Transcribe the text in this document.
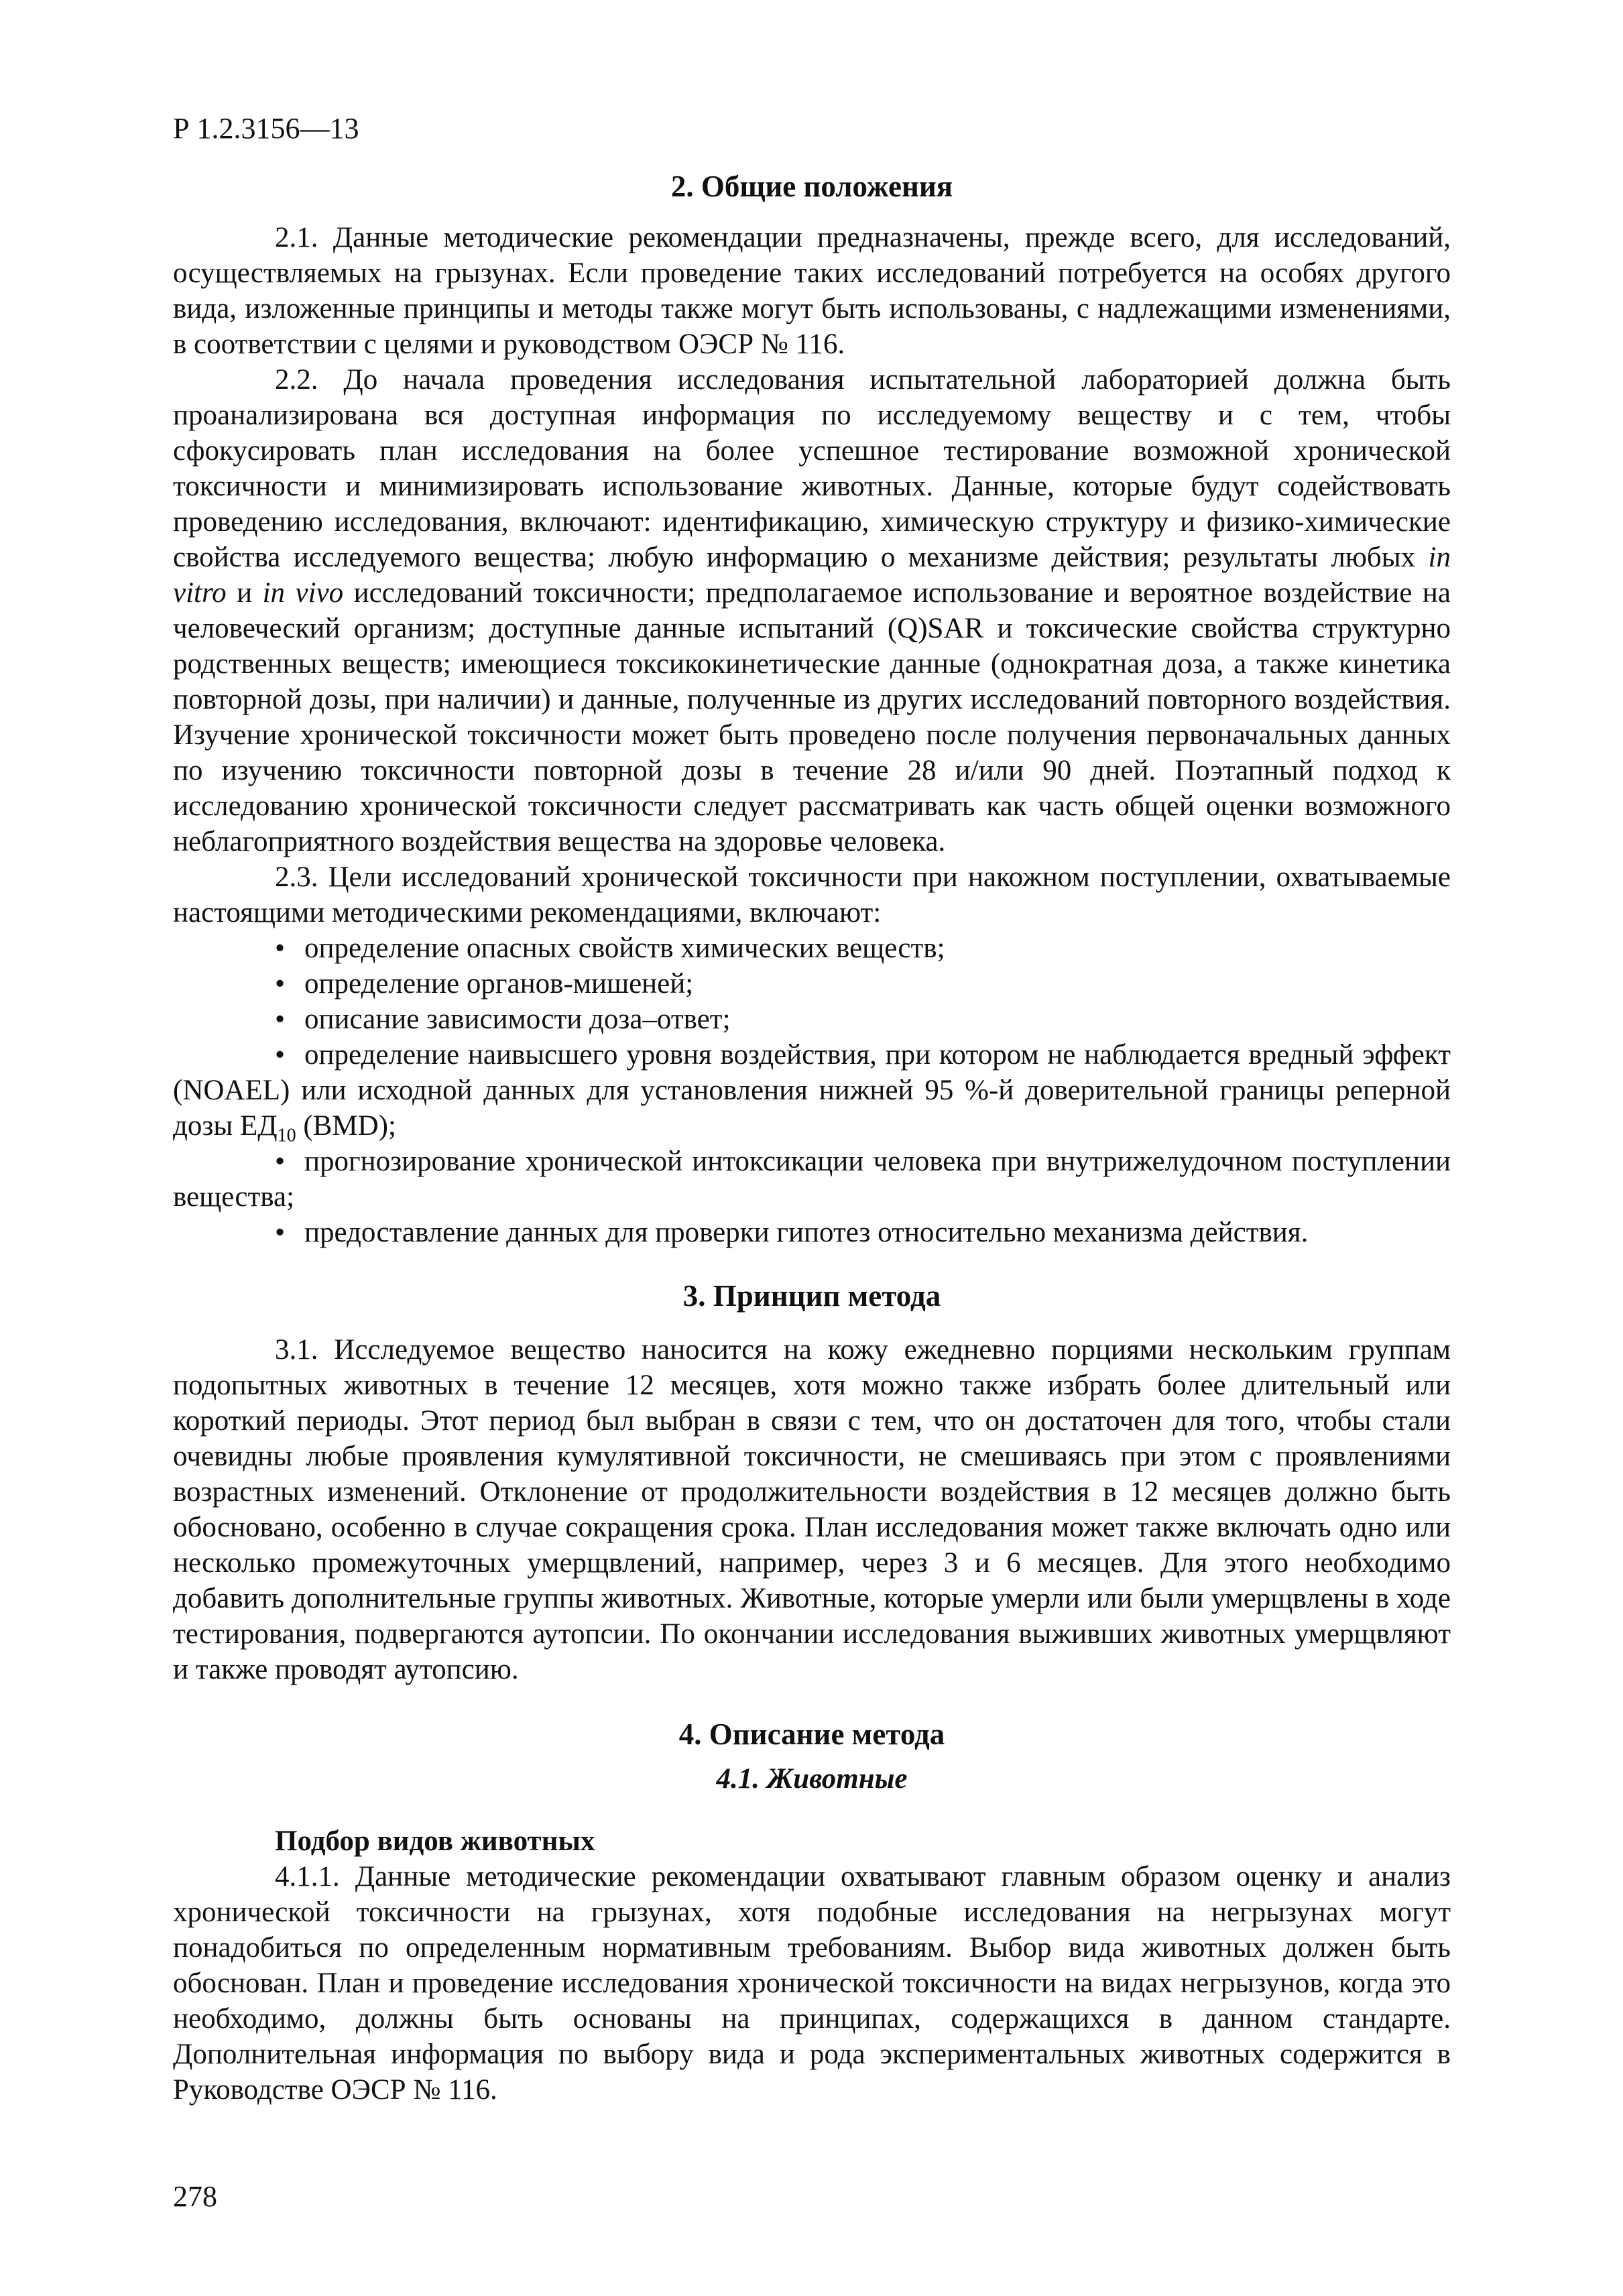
Р 1.2.3156—13
2. Общие положения

2.1. Данные методические рекомендации предназначены, прежде всего, для исследований, осуществляемых на грызунах. Если проведение таких исследований потребуется на особях другого вида, изложенные принципы и методы также могут быть использованы, с надлежащими изменениями, в соответствии с целями и руководством ОЭСР № 116.

2.2. До начала проведения исследования испытательной лабораторией должна быть проанализирована вся доступная информация по исследуемому веществу и с тем, чтобы сфокусировать план исследования на более успешное тестирование возможной хронической токсичности и минимизировать использование животных. Данные, которые будут содействовать проведению исследования, включают: идентификацию, химическую структуру и физико-химические свойства исследуемого вещества; любую информацию о механизме действия; результаты любых in vitro и in vivo исследований токсичности; предполагаемое использование и вероятное воздействие на человеческий организм; доступные данные испытаний (Q)SAR и токсические свойства структурно родственных веществ; имеющиеся токсикокинетические данные (однократная доза, а также кинетика повторной дозы, при наличии) и данные, полученные из других исследований повторного воздействия. Изучение хронической токсичности может быть проведено после получения первоначальных данных по изучению токсичности повторной дозы в течение 28 и/или 90 дней. Поэтапный подход к исследованию хронической токсичности следует рассматривать как часть общей оценки возможного неблагоприятного воздействия вещества на здоровье человека.

2.3. Цели исследований хронической токсичности при накожном поступлении, охватываемые настоящими методическими рекомендациями, включают:

• определение опасных свойств химических веществ;
• определение органов-мишеней;
• описание зависимости доза–ответ;
• определение наивысшего уровня воздействия, при котором не наблюдается вредный эффект (NOAEL) или исходной данных для установления нижней 95 %-й доверительной границы реперной дозы $ЕД_{10}$ (BMD);
• прогнозирование хронической интоксикации человека при внутрижелудочном поступлении вещества;
• предоставление данных для проверки гипотез относительно механизма действия.
3. Принцип метода

3.1. Исследуемое вещество наносится на кожу ежедневно порциями нескольким группам подопытных животных в течение 12 месяцев, хотя можно также избрать более длительный или короткий периоды. Этот период был выбран в связи с тем, что он достаточен для того, чтобы стали очевидны любые проявления кумулятивной токсичности, не смешиваясь при этом с проявлениями возрастных изменений. Отклонение от продолжительности воздействия в 12 месяцев должно быть обосновано, особенно в случае сокращения срока. План исследования может также включать одно или несколько промежуточных умерщвлений, например, через 3 и 6 месяцев. Для этого необходимо добавить дополнительные группы животных. Животные, которые умерли или были умерщвлены в ходе тестирования, подвергаются аутопсии. По окончании исследования выживших животных умерщвляют и также проводят аутопсию.

4. Описание метода
4.1. Животные
Подбор видов животных

4.1.1. Данные методические рекомендации охватывают главным образом оценку и анализ хронической токсичности на грызунах, хотя подобные исследования на негрызунах могут понадобиться по определенным нормативным требованиям. Выбор вида животных должен быть обоснован. План и проведение исследования хронической токсичности на видах негрызунов, когда это необходимо, должны быть основаны на принципах, содержащихся в данном стандарте. Дополнительная информация по выбору вида и рода экспериментальных животных содержится в Руководстве ОЭСР № 116.

278
